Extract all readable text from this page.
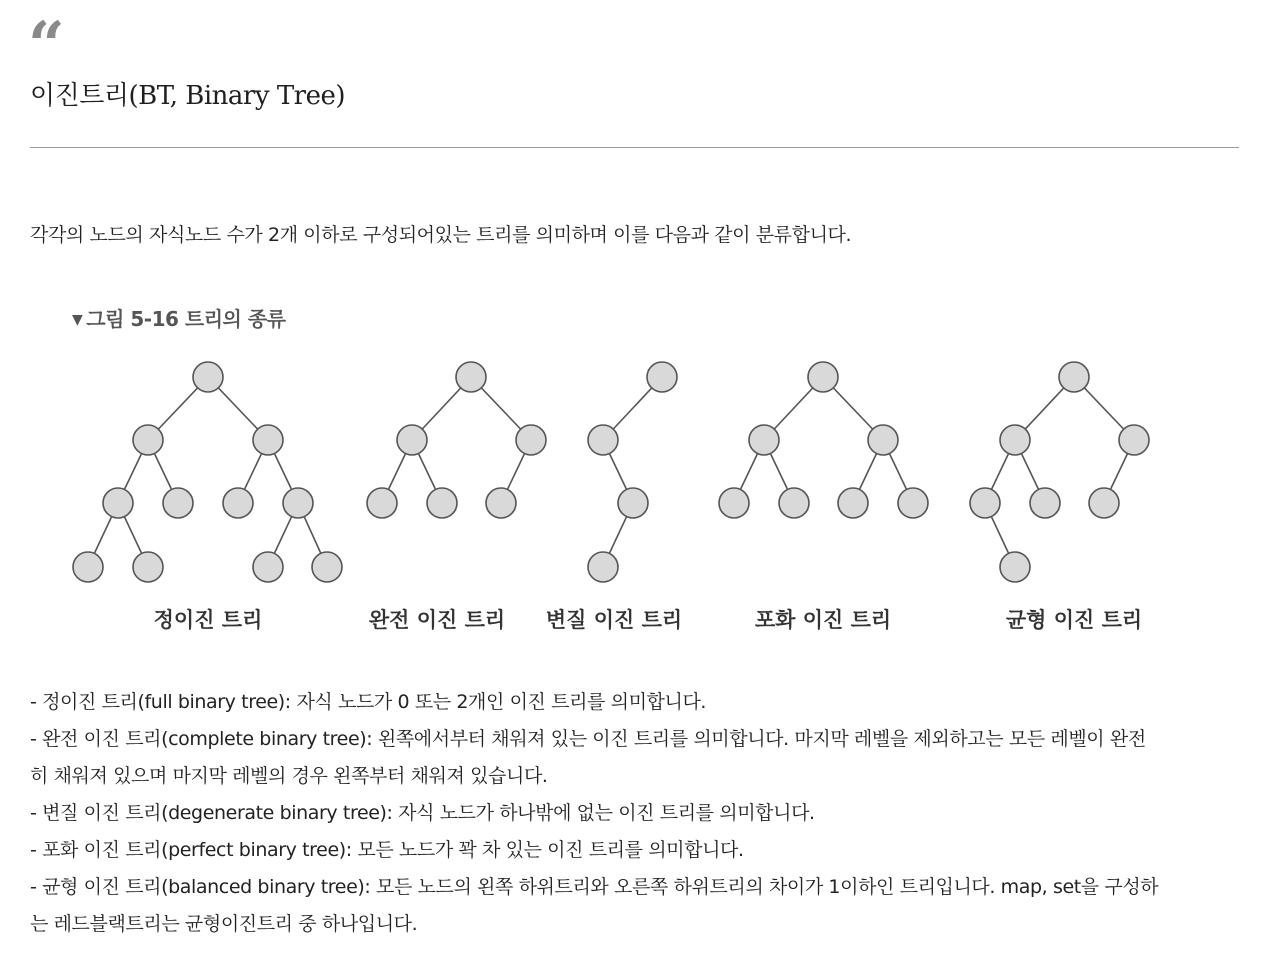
“
이진트리(BT, Binary Tree)

각각의 노드의 자식노드 수가 2개 이하로 구성되어있는 트리를 의미하며 이를 다음과 같이 분류합니다.

▼ 그림 5-16 트리의 종류
정이진 트리	완전 이진 트리 변질 이진 트리	포화 이진 트리	균형 이진 트리
- 정이진 트리(full binary tree): 자식 노드가 0 또는 2개인 이진 트리를 의미합니다.
- 완전 이진 트리(complete binary tree): 왼쪽에서부터 채워져 있는 이진 트리를 의미합니다. 마지막 레벨을 제외하고는 모든 레벨이 완전
히 채워져 있으며 마지막 레벨의 경우 왼쪽부터 채워져 있습니다.
- 변질 이진 트리(degenerate binary tree): 자식 노드가 하나밖에 없는 이진 트리를 의미합니다.
- 포화 이진 트리(perfect binary tree): 모든 노드가 꽉 차 있는 이진 트리를 의미합니다.
- 균형 이진 트리(balanced binary tree): 모든 노드의 왼쪽 하위트리와 오른쪽 하위트리의 차이가 1이하인 트리입니다. map, set을 구성하
는 레드블랙트리는 균형이진트리 중 하나입니다.
